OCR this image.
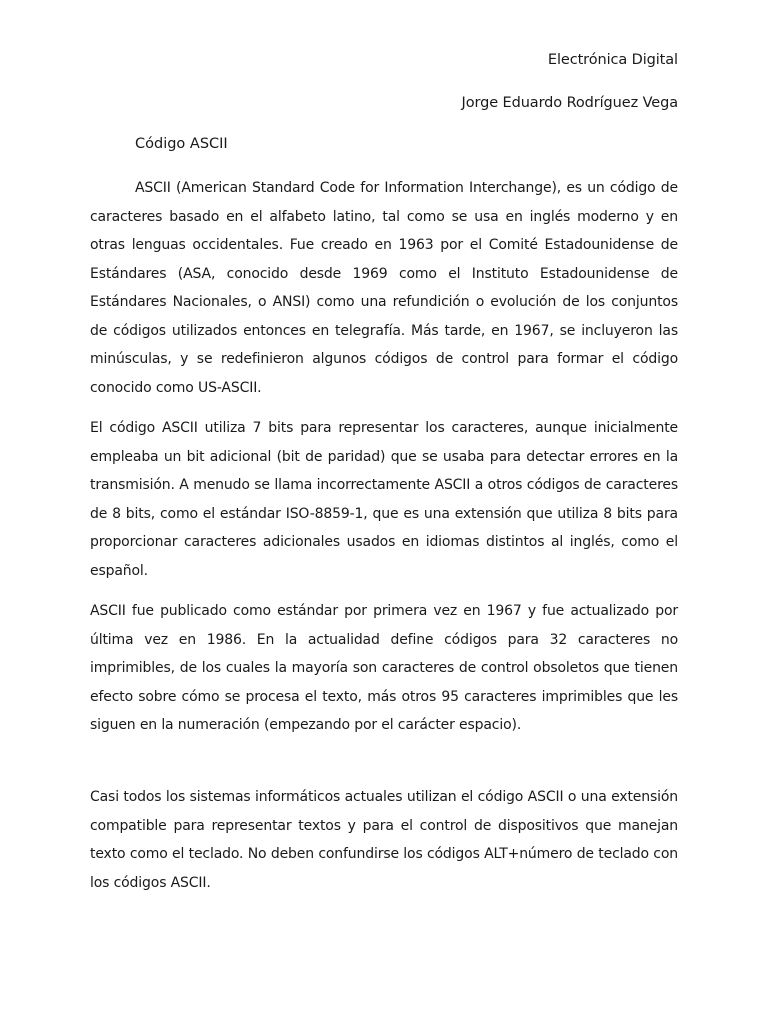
Electrónica Digital
Jorge Eduardo Rodríguez Vega
Código ASCII

ASCII (American Standard Code for Information Interchange), es un código de caracteres basado en el alfabeto latino, tal como se usa en inglés moderno y en otras lenguas occidentales. Fue creado en 1963 por el Comité Estadounidense de Estándares (ASA, conocido desde 1969 como el Instituto Estadounidense de Estándares Nacionales, o ANSI) como una refundición o evolución de los conjuntos de códigos utilizados entonces en telegrafía. Más tarde, en 1967, se incluyeron las minúsculas, y se redefinieron algunos códigos de control para formar el código conocido como US-ASCII.

El código ASCII utiliza 7 bits para representar los caracteres, aunque inicialmente empleaba un bit adicional (bit de paridad) que se usaba para detectar errores en la transmisión. A menudo se llama incorrectamente ASCII a otros códigos de caracteres de 8 bits, como el estándar ISO-8859-1, que es una extensión que utiliza 8 bits para proporcionar caracteres adicionales usados en idiomas distintos al inglés, como el español.

ASCII fue publicado como estándar por primera vez en 1967 y fue actualizado por última vez en 1986. En la actualidad define códigos para 32 caracteres no imprimibles, de los cuales la mayoría son caracteres de control obsoletos que tienen efecto sobre cómo se procesa el texto, más otros 95 caracteres imprimibles que les siguen en la numeración (empezando por el carácter espacio).

Casi todos los sistemas informáticos actuales utilizan el código ASCII o una extensión compatible para representar textos y para el control de dispositivos que manejan texto como el teclado. No deben confundirse los códigos ALT+número de teclado con los códigos ASCII.
